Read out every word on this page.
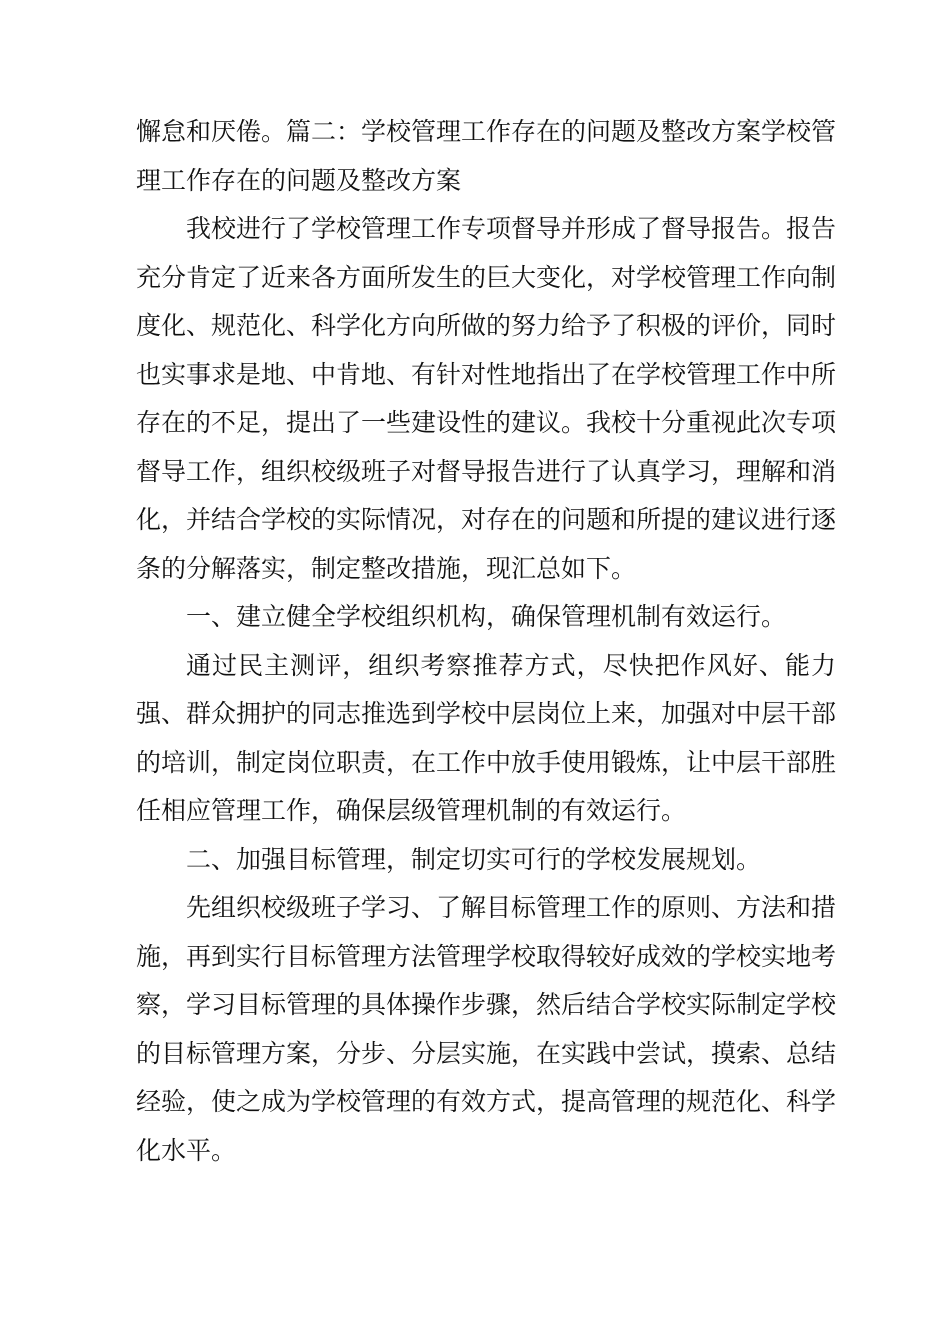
懈怠和厌倦。篇二：学校管理工作存在的问题及整改方案学校管理工作存在的问题及整改方案

我校进行了学校管理工作专项督导并形成了督导报告。报告充分肯定了近来各方面所发生的巨大变化，对学校管理工作向制度化、规范化、科学化方向所做的努力给予了积极的评价，同时也实事求是地、中肯地、有针对性地指出了在学校管理工作中所存在的不足，提出了一些建设性的建议。我校十分重视此次专项督导工作，组织校级班子对督导报告进行了认真学习，理解和消化，并结合学校的实际情况，对存在的问题和所提的建议进行逐条的分解落实，制定整改措施，现汇总如下。

一、建立健全学校组织机构，确保管理机制有效运行。

通过民主测评，组织考察推荐方式，尽快把作风好、能力强、群众拥护的同志推选到学校中层岗位上来，加强对中层干部的培训，制定岗位职责，在工作中放手使用锻炼，让中层干部胜任相应管理工作，确保层级管理机制的有效运行。

二、加强目标管理，制定切实可行的学校发展规划。

先组织校级班子学习、了解目标管理工作的原则、方法和措施，再到实行目标管理方法管理学校取得较好成效的学校实地考察，学习目标管理的具体操作步骤，然后结合学校实际制定学校的目标管理方案，分步、分层实施，在实践中尝试，摸索、总结经验，使之成为学校管理的有效方式，提高管理的规范化、科学化水平。
